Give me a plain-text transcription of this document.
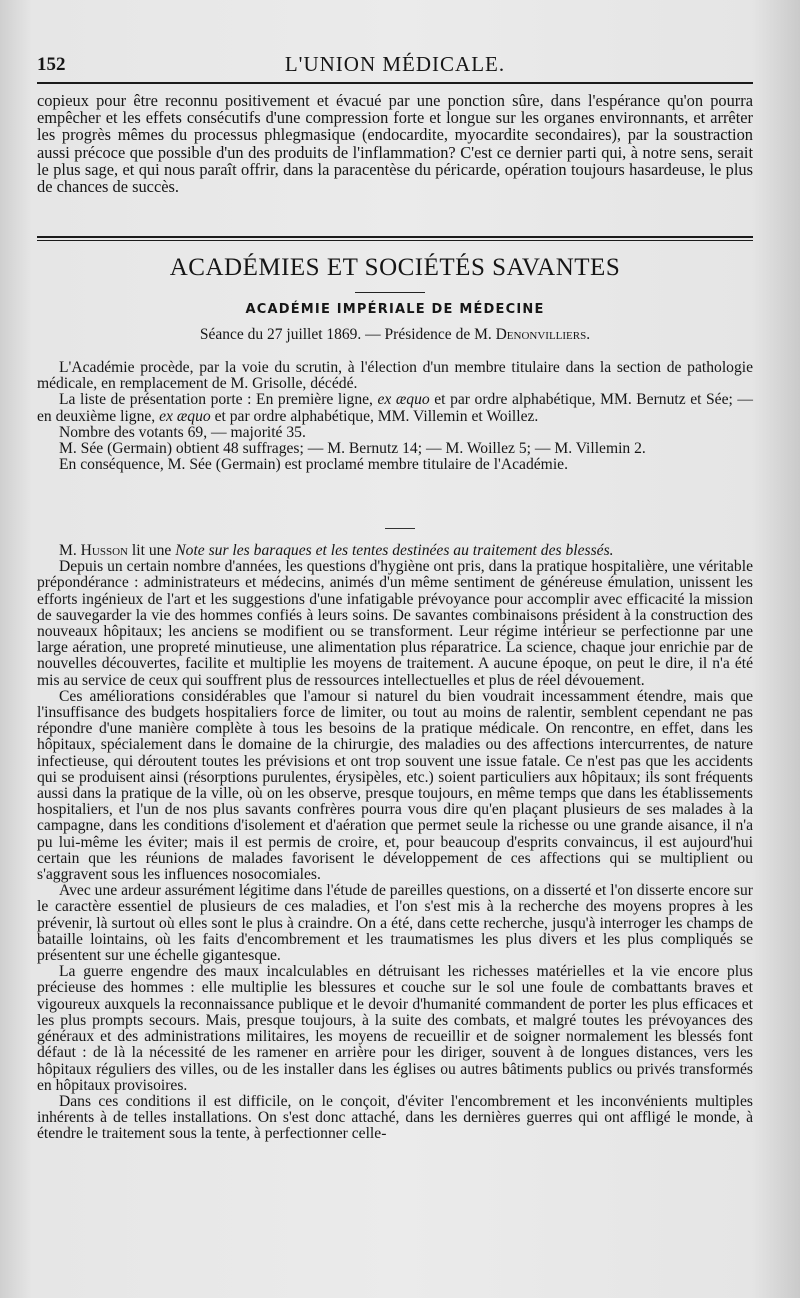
152	L'UNION MÉDICALE.

copieux pour être reconnu positivement et évacué par une ponction sûre, dans l'espérance qu'on pourra empêcher et les effets consécutifs d'une compression forte et longue sur les organes environnants, et arrêter les progrès mêmes du processus phlegmasique (endocardite, myocardite secondaires), par la soustraction aussi précoce que possible d'un des produits de l'inflammation? C'est ce dernier parti qui, à notre sens, serait le plus sage, et qui nous paraît offrir, dans la paracentèse du péricarde, opération toujours hasardeuse, le plus de chances de succès.

ACADÉMIES ET SOCIÉTÉS SAVANTES
ACADÉMIE IMPÉRIALE DE MÉDECINE
Séance du 27 juillet 1869. — Présidence de M. Denonvilliers.

L'Académie procède, par la voie du scrutin, à l'élection d'un membre titulaire dans la section de pathologie médicale, en remplacement de M. Grisolle, décédé.

La liste de présentation porte : En première ligne, ex æquo et par ordre alphabétique, MM. Bernutz et Sée; — en deuxième ligne, ex æquo et par ordre alphabétique, MM. Villemin et Woillez.

Nombre des votants 69, — majorité 35.

M. Sée (Germain) obtient 48 suffrages; — M. Bernutz 14; — M. Woillez 5; — M. Villemin 2.

En conséquence, M. Sée (Germain) est proclamé membre titulaire de l'Académie.

M. Husson lit une Note sur les baraques et les tentes destinées au traitement des blessés.

Depuis un certain nombre d'années, les questions d'hygiène ont pris, dans la pratique hospitalière, une véritable prépondérance : administrateurs et médecins, animés d'un même sentiment de généreuse émulation, unissent les efforts ingénieux de l'art et les suggestions d'une infatigable prévoyance pour accomplir avec efficacité la mission de sauvegarder la vie des hommes confiés à leurs soins. De savantes combinaisons président à la construction des nouveaux hôpitaux; les anciens se modifient ou se transforment. Leur régime intérieur se perfectionne par une large aération, une propreté minutieuse, une alimentation plus réparatrice. La science, chaque jour enrichie par de nouvelles découvertes, facilite et multiplie les moyens de traitement. A aucune époque, on peut le dire, il n'a été mis au service de ceux qui souffrent plus de ressources intellectuelles et plus de réel dévouement.

Ces améliorations considérables que l'amour si naturel du bien voudrait incessamment étendre, mais que l'insuffisance des budgets hospitaliers force de limiter, ou tout au moins de ralentir, semblent cependant ne pas répondre d'une manière complète à tous les besoins de la pratique médicale. On rencontre, en effet, dans les hôpitaux, spécialement dans le domaine de la chirurgie, des maladies ou des affections intercurrentes, de nature infectieuse, qui déroutent toutes les prévisions et ont trop souvent une issue fatale. Ce n'est pas que les accidents qui se produisent ainsi (résorptions purulentes, érysipèles, etc.) soient particuliers aux hôpitaux; ils sont fréquents aussi dans la pratique de la ville, où on les observe, presque toujours, en même temps que dans les établissements hospitaliers, et l'un de nos plus savants confrères pourra vous dire qu'en plaçant plusieurs de ses malades à la campagne, dans les conditions d'isolement et d'aération que permet seule la richesse ou une grande aisance, il n'a pu lui-même les éviter; mais il est permis de croire, et, pour beaucoup d'esprits convaincus, il est aujourd'hui certain que les réunions de malades favorisent le développement de ces affections qui se multiplient ou s'aggravent sous les influences nosocomiales.

Avec une ardeur assurément légitime dans l'étude de pareilles questions, on a disserté et l'on disserte encore sur le caractère essentiel de plusieurs de ces maladies, et l'on s'est mis à la recherche des moyens propres à les prévenir, là surtout où elles sont le plus à craindre. On a été, dans cette recherche, jusqu'à interroger les champs de bataille lointains, où les faits d'encombrement et les traumatismes les plus divers et les plus compliqués se présentent sur une échelle gigantesque.

La guerre engendre des maux incalculables en détruisant les richesses matérielles et la vie encore plus précieuse des hommes : elle multiplie les blessures et couche sur le sol une foule de combattants braves et vigoureux auxquels la reconnaissance publique et le devoir d'humanité commandent de porter les plus efficaces et les plus prompts secours. Mais, presque toujours, à la suite des combats, et malgré toutes les prévoyances des généraux et des administrations militaires, les moyens de recueillir et de soigner normalement les blessés font défaut : de là la nécessité de les ramener en arrière pour les diriger, souvent à de longues distances, vers les hôpitaux réguliers des villes, ou de les installer dans les églises ou autres bâtiments publics ou privés transformés en hôpitaux provisoires.

Dans ces conditions il est difficile, on le conçoit, d'éviter l'encombrement et les inconvénients multiples inhérents à de telles installations. On s'est donc attaché, dans les dernières guerres qui ont affligé le monde, à étendre le traitement sous la tente, à perfectionner celle-
